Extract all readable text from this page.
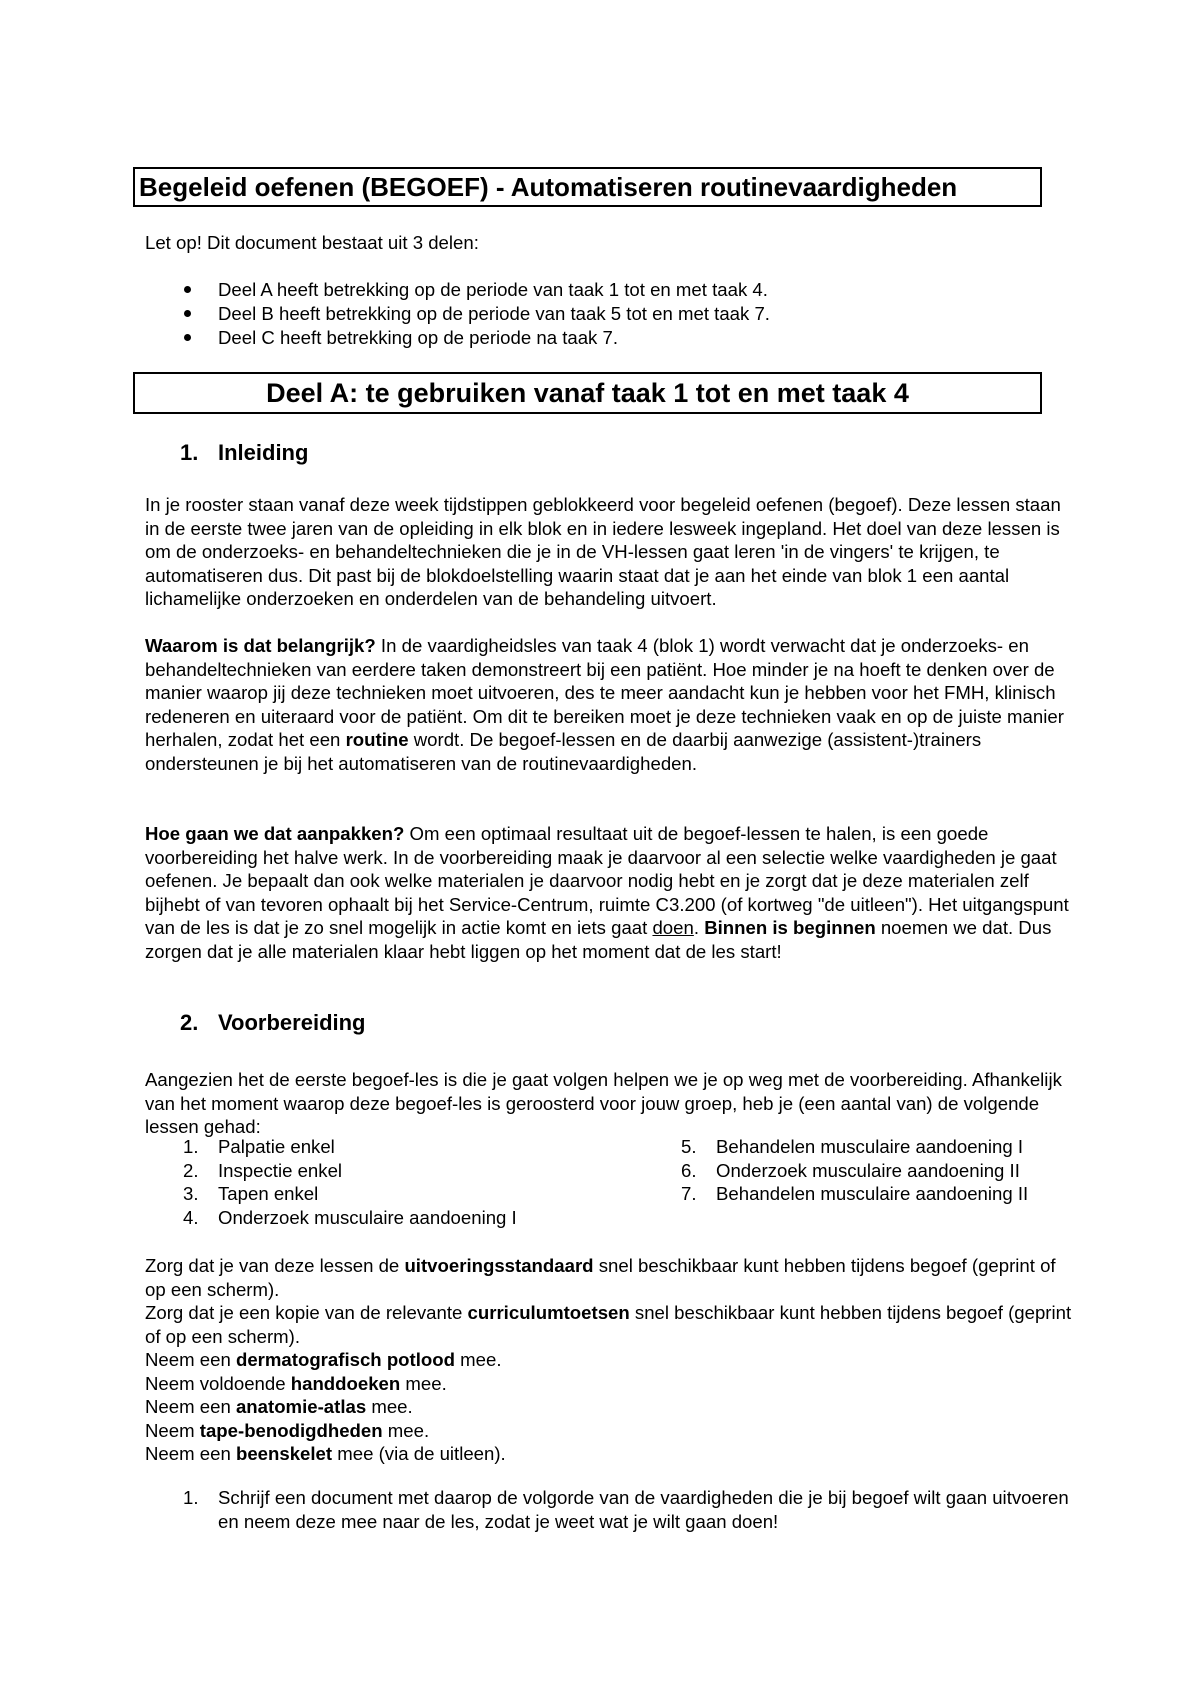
Begeleid oefenen (BEGOEF) - Automatiseren routinevaardigheden

Let op! Dit document bestaat uit 3 delen:

Deel A heeft betrekking op de periode van taak 1 tot en met taak 4.
Deel B heeft betrekking op de periode van taak 5 tot en met taak 7.
Deel C heeft betrekking op de periode na taak 7.
Deel A: te gebruiken vanaf taak 1 tot en met taak 4
1. Inleiding

In je rooster staan vanaf deze week tijdstippen geblokkeerd voor begeleid oefenen (begoef). Deze lessen staan in de eerste twee jaren van de opleiding in elk blok en in iedere lesweek ingepland. Het doel van deze lessen is om de onderzoeks- en behandeltechnieken die je in de VH-lessen gaat leren 'in de vingers' te krijgen, te automatiseren dus. Dit past bij de blokdoelstelling waarin staat dat je aan het einde van blok 1 een aantal lichamelijke onderzoeken en onderdelen van de behandeling uitvoert.

Waarom is dat belangrijk? In de vaardigheidsles van taak 4 (blok 1) wordt verwacht dat je onderzoeks- en behandeltechnieken van eerdere taken demonstreert bij een patiënt. Hoe minder je na hoeft te denken over de manier waarop jij deze technieken moet uitvoeren, des te meer aandacht kun je hebben voor het FMH, klinisch redeneren en uiteraard voor de patiënt. Om dit te bereiken moet je deze technieken vaak en op de juiste manier herhalen, zodat het een routine wordt. De begoef-lessen en de daarbij aanwezige (assistent-)trainers ondersteunen je bij het automatiseren van de routinevaardigheden.

Hoe gaan we dat aanpakken? Om een optimaal resultaat uit de begoef-lessen te halen, is een goede voorbereiding het halve werk. In de voorbereiding maak je daarvoor al een selectie welke vaardigheden je gaat oefenen. Je bepaalt dan ook welke materialen je daarvoor nodig hebt en je zorgt dat je deze materialen zelf bijhebt of van tevoren ophaalt bij het Service-Centrum, ruimte C3.200 (of kortweg "de uitleen"). Het uitgangspunt van de les is dat je zo snel mogelijk in actie komt en iets gaat doen. Binnen is beginnen noemen we dat. Dus zorgen dat je alle materialen klaar hebt liggen op het moment dat de les start!

2. Voorbereiding

Aangezien het de eerste begoef-les is die je gaat volgen helpen we je op weg met de voorbereiding. Afhankelijk van het moment waarop deze begoef-les is geroosterd voor jouw groep, heb je (een aantal van) de volgende lessen gehad:

1. Palpatie enkel
2. Inspectie enkel
3. Tapen enkel
4. Onderzoek musculaire aandoening I
5. Behandelen musculaire aandoening I
6. Onderzoek musculaire aandoening II
7. Behandelen musculaire aandoening II

Zorg dat je van deze lessen de uitvoeringsstandaard snel beschikbaar kunt hebben tijdens begoef (geprint of op een scherm).

Zorg dat je een kopie van de relevante curriculumtoetsen snel beschikbaar kunt hebben tijdens begoef (geprint of op een scherm).

Neem een dermatografisch potlood mee.

Neem voldoende handdoeken mee.

Neem een anatomie-atlas mee.

Neem tape-benodigdheden mee.

Neem een beenskelet mee (via de uitleen).

1. Schrijf een document met daarop de volgorde van de vaardigheden die je bij begoef wilt gaan uitvoeren en neem deze mee naar de les, zodat je weet wat je wilt gaan doen!
